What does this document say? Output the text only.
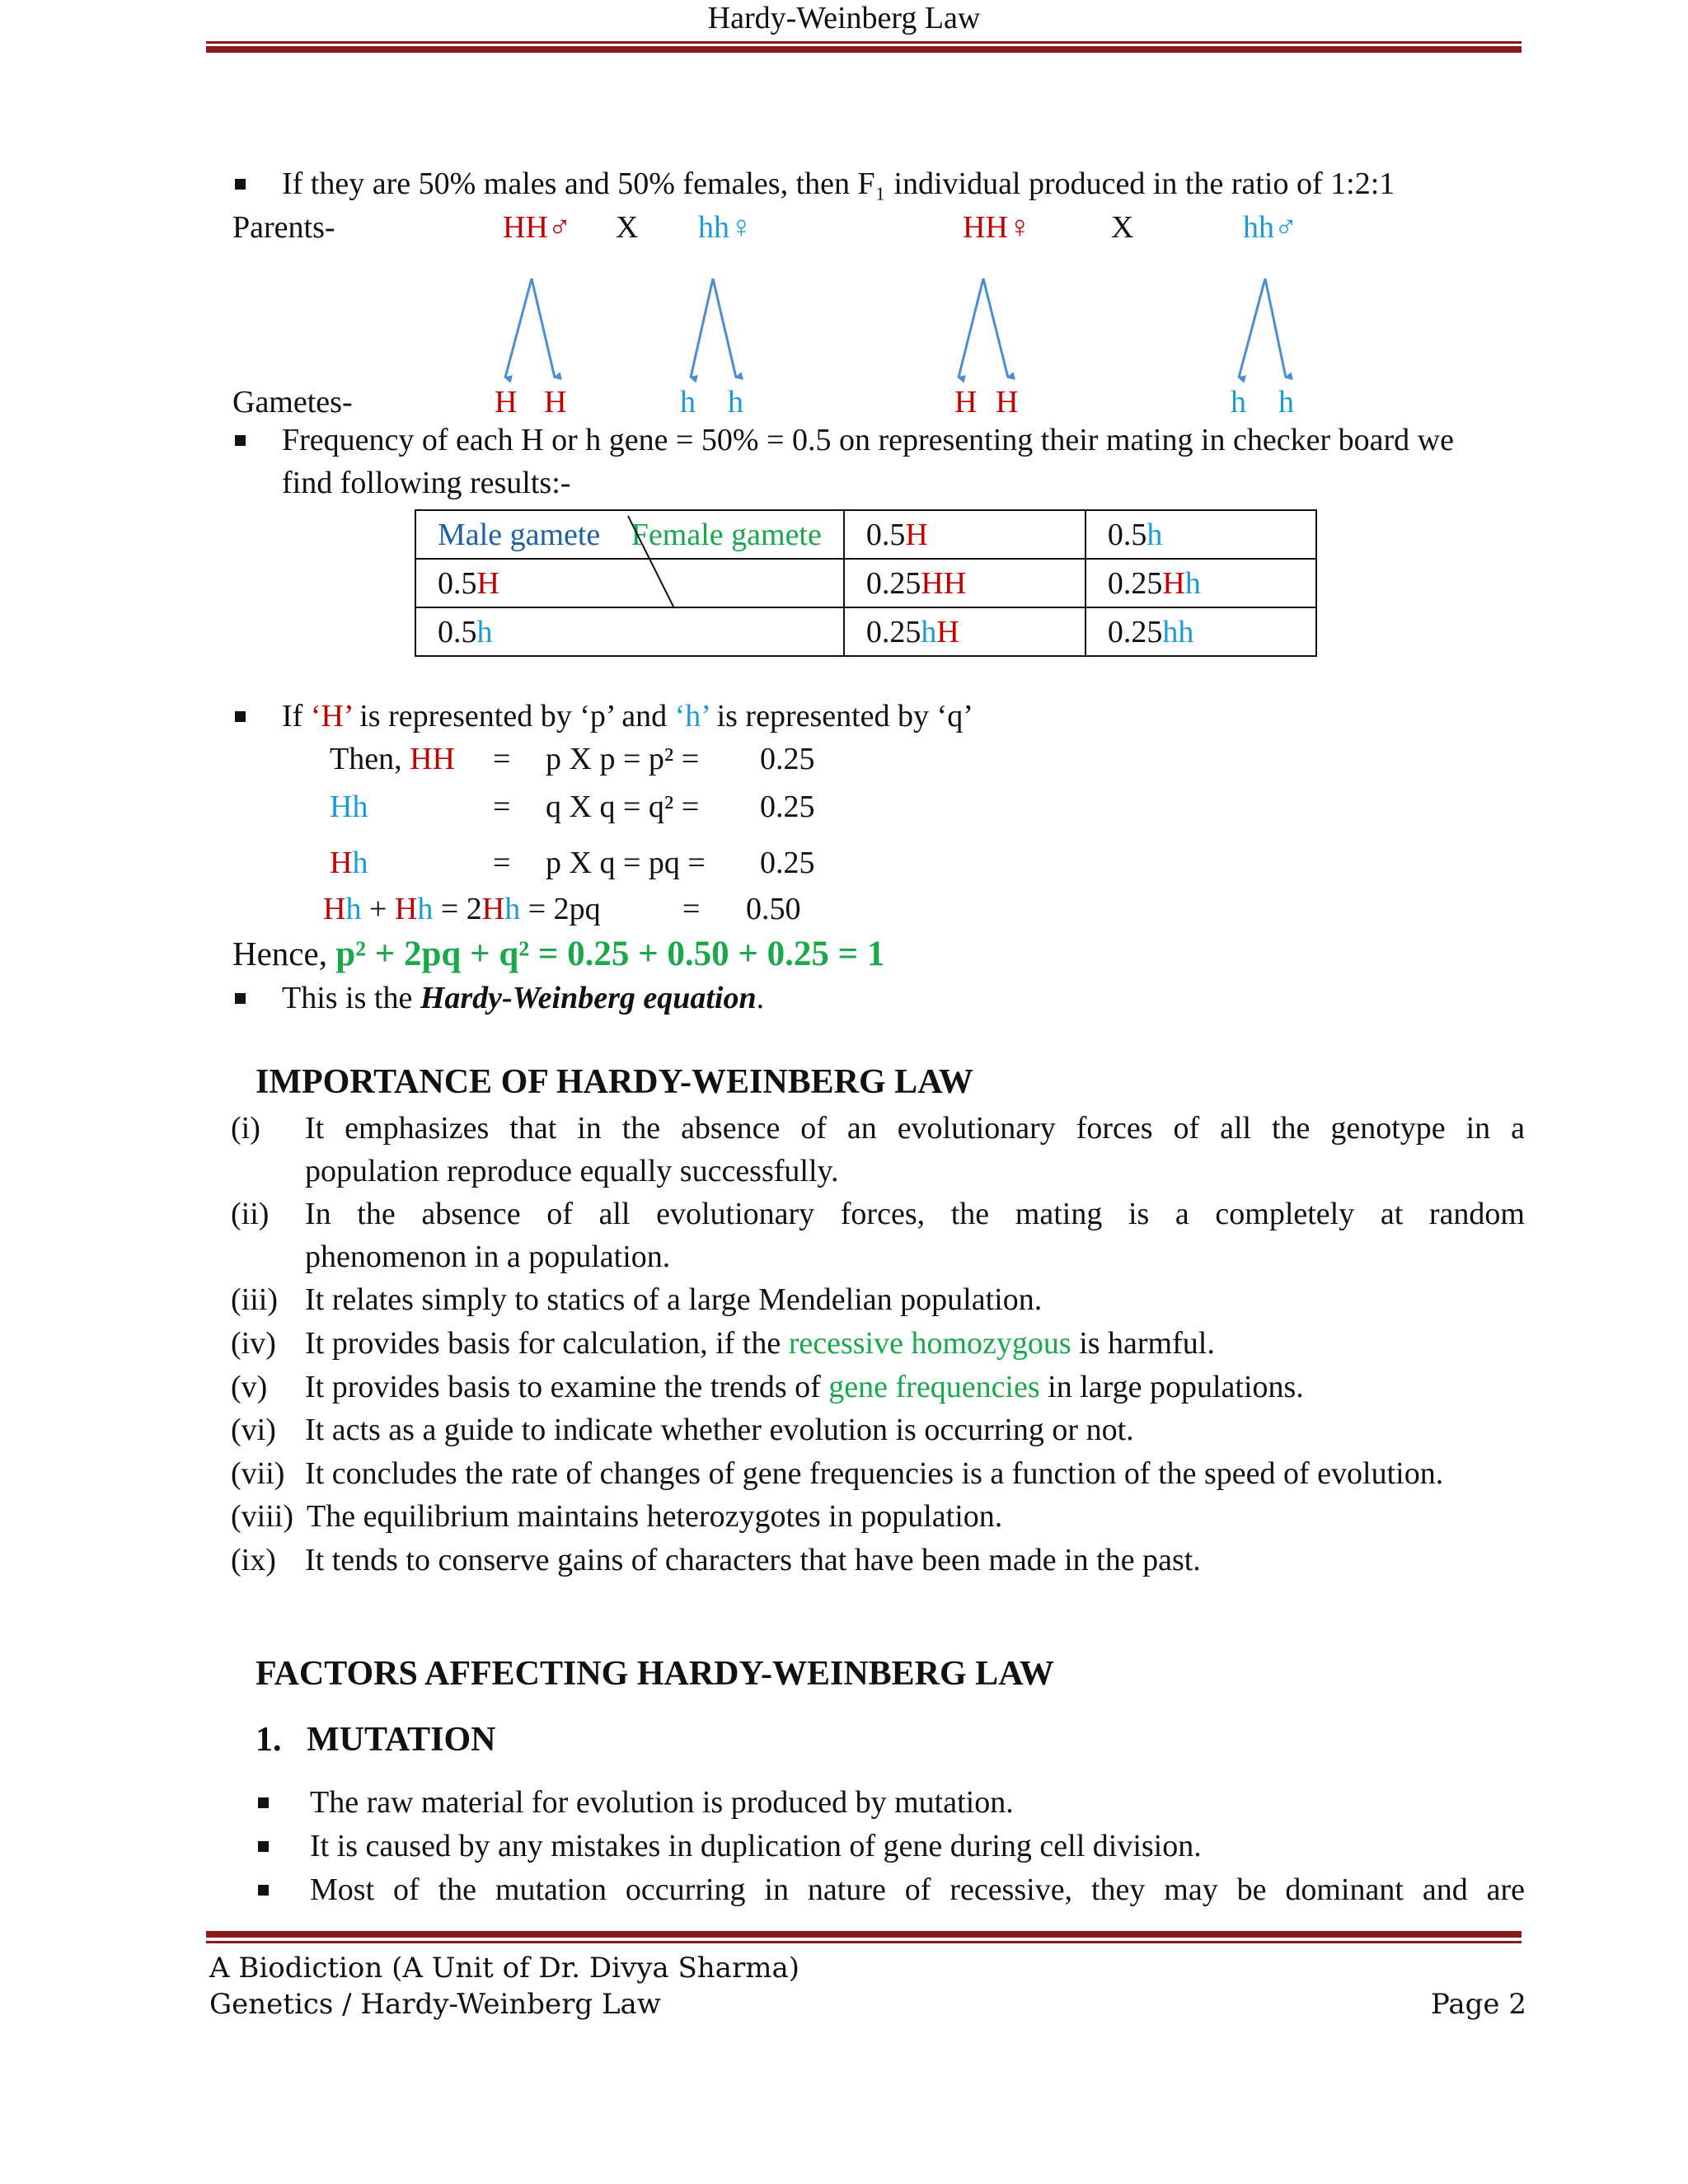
Hardy-Weinberg Law
If they are 50% males and 50% females, then F₁ individual produced in the ratio of 1:2:1
Parents-	HH♂ X hh♀	HH♀	X	hh♂
Gametes-	H H	h h	H H	h h
Frequency of each H or h gene = 50% = 0.5 on representing their mating in checker board we
find following results:-
Male gamete Female gamete	0.5H	0.5h
0.5H	0.25HH	0.25Hh
0.5h	0.25hH	0.25hh
If ‘H’ is represented by ‘p’ and ‘h’ is represented by ‘q’
Then, HH = p X p = p² = 0.25
Hh	= q X q = q² = 0.25
Hh	= p X q = pq = 0.25
Hh + Hh = 2Hh = 2pq	= 0.50
Hence, p² + 2pq + q² = 0.25 + 0.50 + 0.25 = 1
This is the Hardy-Weinberg equation.
IMPORTANCE OF HARDY-WEINBERG LAW
(i) It emphasizes that in the absence of an evolutionary forces of all the genotype in a
population reproduce equally successfully.
(ii) In the absence of all evolutionary forces, the mating is a completely at random
phenomenon in a population.
(iii) It relates simply to statics of a large Mendelian population.
(iv) It provides basis for calculation, if the recessive homozygous is harmful.
(v) It provides basis to examine the trends of gene frequencies in large populations.
(vi) It acts as a guide to indicate whether evolution is occurring or not.
(vii) It concludes the rate of changes of gene frequencies is a function of the speed of evolution.
(viii) The equilibrium maintains heterozygotes in population.
(ix) It tends to conserve gains of characters that have been made in the past.
FACTORS AFFECTING HARDY-WEINBERG LAW
1. MUTATION
The raw material for evolution is produced by mutation.
It is caused by any mistakes in duplication of gene during cell division.
Most of the mutation occurring in nature of recessive, they may be dominant and are
A Biodiction (A Unit of Dr. Divya Sharma)
Genetics / Hardy-Weinberg Law	Page 2
